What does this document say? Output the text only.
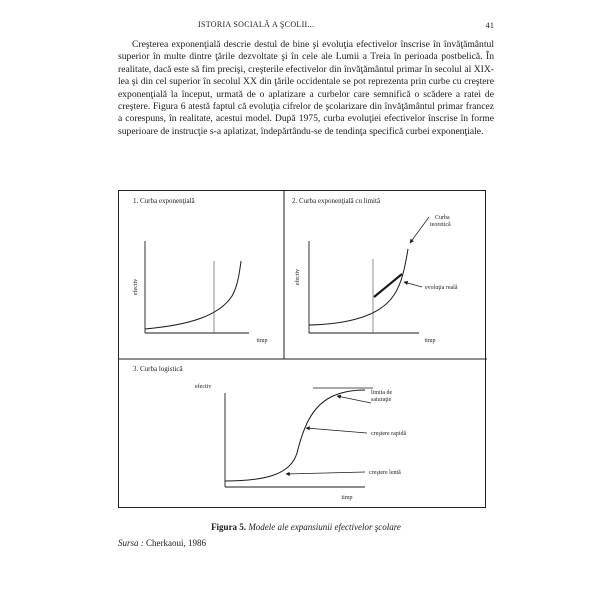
ISTORIA SOCIALĂ A ŞCOLII...	41

Creşterea exponenţială descrie destul de bine şi evoluţia efectivelor înscrise în învăţământul superior în multe dintre ţările dezvoltate şi în cele ale Lumii a Treia în perioada postbelică. În realitate, dacă este să fim precişi, creşterile efectivelor din învăţământul primar în secolul al XIX-lea şi din cel superior în secolul XX din ţările occidentale se pot reprezenta prin curbe cu creştere exponenţială la început, urmată de o aplatizare a curbelor care semnifică o scădere a ratei de creştere. Figura 6 atestă faptul că evoluţia cifrelor de şcolarizare din învăţământul primar francez a corespuns, în realitate, acestui model. După 1975, curba evoluţiei efectivelor înscrise în forme superioare de instrucţie s-a aplatizat, îndepărtându-se de tendinţa specifică curbei exponenţiale.

1. Curba exponenţială
efectiv
timp
2. Curba exponenţială cu limită
Curba
teoretică
evoluţia reală
efectiv
timp
3. Curba logistică
limita de
saturaţie
creştere rapidă
creştere lentă
efectiv
timp
Figura 5. Modele ale expansiunii efectivelor şcolare
Sursa : Cherkaoui, 1986
